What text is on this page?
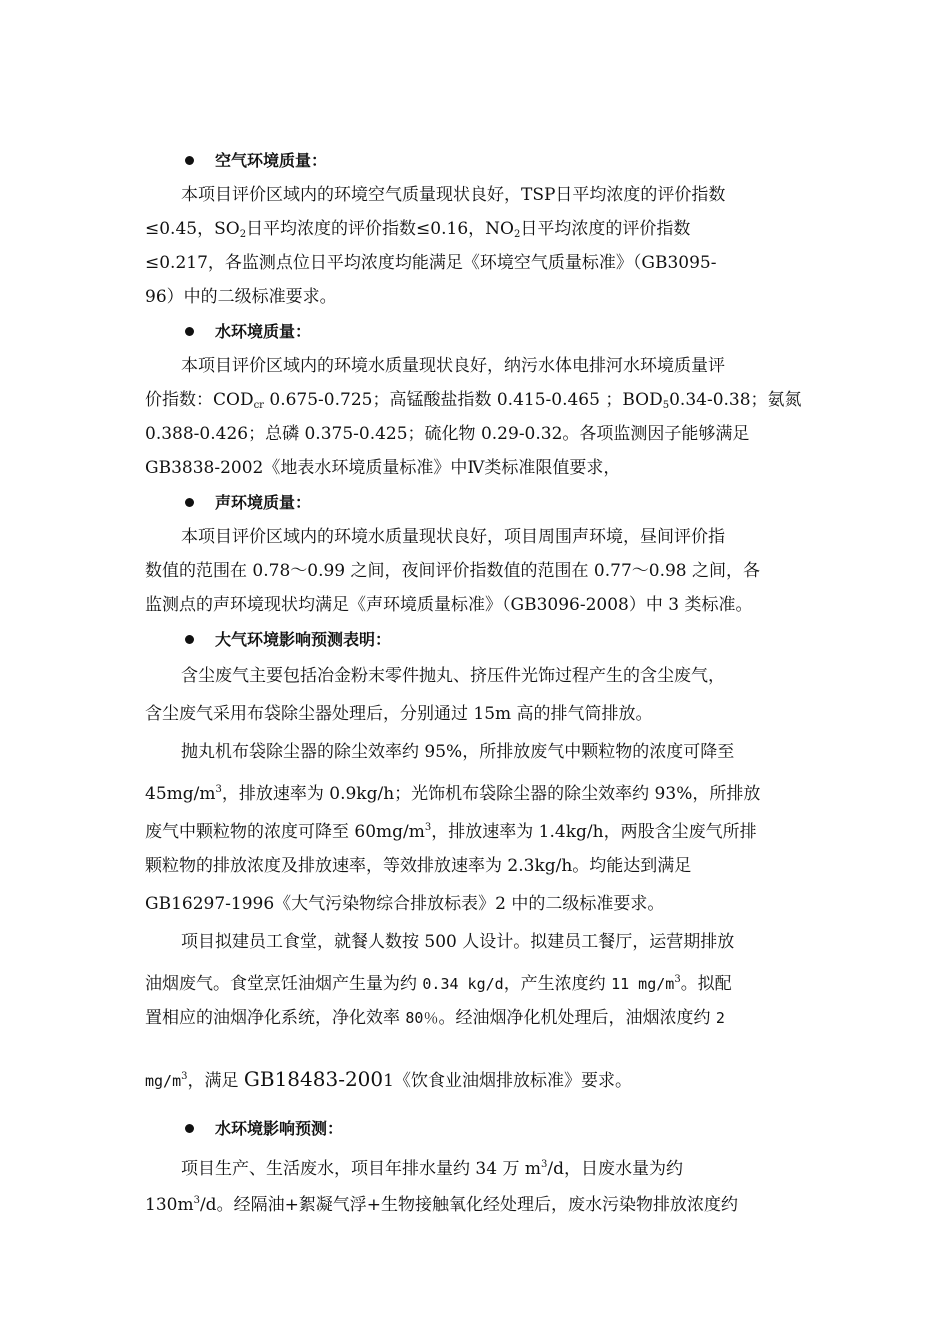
空气环境质量：
本项目评价区域内的环境空气质量现状良好，TSP日平均浓度的评价指数
≤0.45，$SO_2$日平均浓度的评价指数≤0.16，$NO_2$日平均浓度的评价指数
≤0.217，各监测点位日平均浓度均能满足《环境空气质量标准》（GB3095-
96）中的二级标准要求。
水环境质量：
本项目评价区域内的环境水质量现状良好，纳污水体电排河水环境质量评
价指数：$COD_{cr}$ 0.675-0.725；高锰酸盐指数 0.415-0.465 ；$BOD_50.34-0.38$；氨氮
0.388-0.426；总磷 0.375-0.425；硫化物 0.29-0.32。各项监测因子能够满足
GB3838-2002《地表水环境质量标准》中Ⅳ类标准限值要求，
声环境质量：
本项目评价区域内的环境水质量现状良好，项目周围声环境，昼间评价指
数值的范围在 0.78～0.99 之间，夜间评价指数值的范围在 0.77～0.98 之间，各
监测点的声环境现状均满足《声环境质量标准》（GB3096-2008）中 3 类标准。
大气环境影响预测表明：
含尘废气主要包括冶金粉末零件抛丸、挤压件光饰过程产生的含尘废气，
含尘废气采用布袋除尘器处理后，分别通过 15m 高的排气筒排放。
抛丸机布袋除尘器的除尘效率约 95%，所排放废气中颗粒物的浓度可降至
$45mg/m^3$，排放速率为 0.9kg/h；光饰机布袋除尘器的除尘效率约 93%，所排放
废气中颗粒物的浓度可降至 $60mg/m^3$，排放速率为 1.4kg/h，两股含尘废气所排
颗粒物的排放浓度及排放速率，等效排放速率为 2.3kg/h。均能达到满足
GB16297-1996《大气污染物综合排放标表》2 中的二级标准要求。
项目拟建员工食堂，就餐人数按 500 人设计。拟建员工餐厅，运营期排放
油烟废气。食堂烹饪油烟产生量为约 0.34 kg/d，产生浓度约 11 $mg/m^3$。拟配
置相应的油烟净化系统，净化效率 80％。经油烟净化机处理后，油烟浓度约 2
$mg/m^3$，满足 GB18483-2001《饮食业油烟排放标准》要求。
水环境影响预测：
项目生产、生活废水，项目年排水量约 34 万 $m^3/d$，日废水量为约
$130m^3/d$。经隔油+絮凝气浮+生物接触氧化经处理后，废水污染物排放浓度约
